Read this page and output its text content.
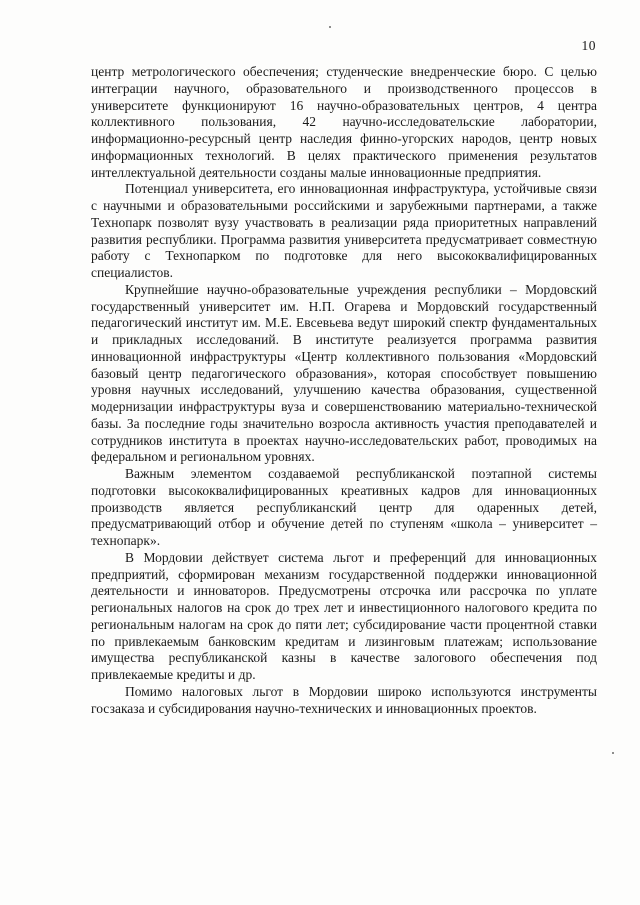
10

центр метрологического обеспечения; студенческие внедренческие бюро. С целью интеграции научного, образовательного и производственного процессов в университете функционируют 16 научно-образовательных центров, 4 центра коллективного пользования, 42 научно-исследовательские лаборатории, информационно-ресурсный центр наследия финно-угорских народов, центр новых информационных технологий. В целях практического применения результатов интеллектуальной деятельности созданы малые инновационные предприятия.

Потенциал университета, его инновационная инфраструктура, устойчивые связи с научными и образовательными российскими и зарубежными партнерами, а также Технопарк позволят вузу участвовать в реализации ряда приоритетных направлений развития республики. Программа развития университета предусматривает совместную работу с Технопарком по подготовке для него высококвалифицированных специалистов.

Крупнейшие научно-образовательные учреждения республики – Мордовский государственный университет им. Н.П. Огарева и Мордовский государственный педагогический институт им. М.Е. Евсевьева ведут широкий спектр фундаментальных и прикладных исследований. В институте реализуется программа развития инновационной инфраструктуры «Центр коллективного пользования «Мордовский базовый центр педагогического образования», которая способствует повышению уровня научных исследований, улучшению качества образования, существенной модернизации инфраструктуры вуза и совершенствованию материально-технической базы. За последние годы значительно возросла активность участия преподавателей и сотрудников института в проектах научно-исследовательских работ, проводимых на федеральном и региональном уровнях.

Важным элементом создаваемой республиканской поэтапной системы подготовки высококвалифицированных креативных кадров для инновационных производств является республиканский центр для одаренных детей, предусматривающий отбор и обучение детей по ступеням «школа – университет – технопарк».

В Мордовии действует система льгот и преференций для инновационных предприятий, сформирован механизм государственной поддержки инновационной деятельности и инноваторов. Предусмотрены отсрочка или рассрочка по уплате региональных налогов на срок до трех лет и инвестиционного налогового кредита по региональным налогам на срок до пяти лет; субсидирование части процентной ставки по привлекаемым банковским кредитам и лизинговым платежам; использование имущества республиканской казны в качестве залогового обеспечения под привлекаемые кредиты и др.

Помимо налоговых льгот в Мордовии широко используются инструменты госзаказа и субсидирования научно-технических и инновационных проектов.
